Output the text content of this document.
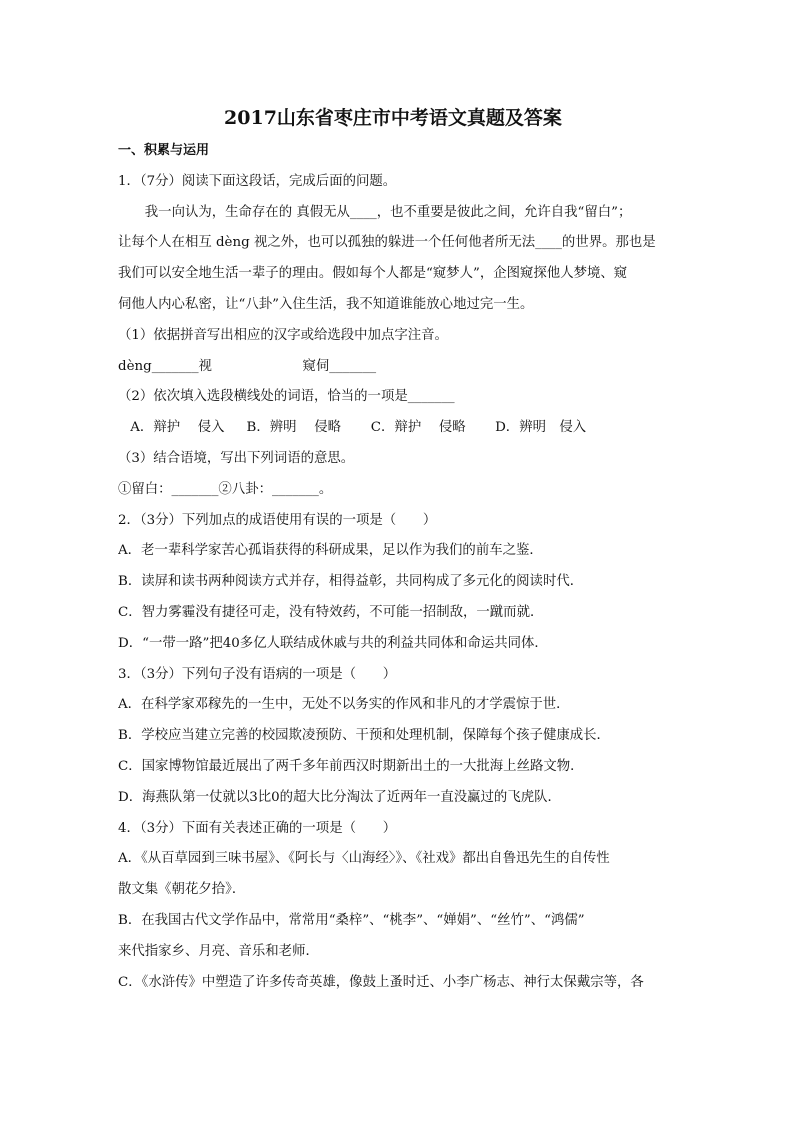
2017山东省枣庄市中考语文真题及答案
一、积累与运用
1．（7分）阅读下面这段话，完成后面的问题。
我一向认为，生命存在的 真假无从____，也不重要是彼此之间，允许自我“留白”；
让每个人在相互 dèng 视之外，也可以孤独的躲进一个任何他者所无法____的世界。那也是
我们可以安全地生活一辈子的理由。假如每个人都是“窥梦人”，企图窥探他人梦境、窥
伺他人内心私密，让“八卦”入住生活，我不知道谁能放心地过完一生。
（1）依据拼音写出相应的汉字或给选段中加点字注音。
dèng_______视	窥伺_______
（2）依次填入选段横线处的词语，恰当的一项是_______
A．辩护　 侵入 B．辨明　 侵略 C．辩护　 侵略 D．辨明　侵入
（3）结合语境，写出下列词语的意思。
①留白：_______②八卦：_______。
2．（3分）下列加点的成语使用有误的一项是（　　）
A．老一辈科学家苦心孤诣获得的科研成果，足以作为我们的前车之鉴．
B．读屏和读书两种阅读方式并存，相得益彰，共同构成了多元化的阅读时代．
C．智力雾霾没有捷径可走，没有特效药，不可能一招制敌，一蹴而就．
D．“一带一路”把40多亿人联结成休戚与共的利益共同体和命运共同体．
3．（3分）下列句子没有语病的一项是（　　）
A．在科学家邓稼先的一生中，无处不以务实的作风和非凡的才学震惊于世．
B．学校应当建立完善的校园欺凌预防、干预和处理机制，保障每个孩子健康成长．
C．国家博物馆最近展出了两千多年前西汉时期新出土的一大批海上丝路文物．
D．海燕队第一仗就以3比0的超大比分淘汰了近两年一直没赢过的飞虎队．
4．（3分）下面有关表述正确的一项是（　　）
A．《从百草园到三味书屋》、《阿长与〈山海经〉》、《社戏》都出自鲁迅先生的自传性
散文集《朝花夕拾》．
B．在我国古代文学作品中，常常用“桑梓”、“桃李”、“婵娟”、“丝竹”、“鸿儒”
来代指家乡、月亮、音乐和老师．
C．《水浒传》中塑造了许多传奇英雄，像鼓上蚤时迁、小李广杨志、神行太保戴宗等，各
